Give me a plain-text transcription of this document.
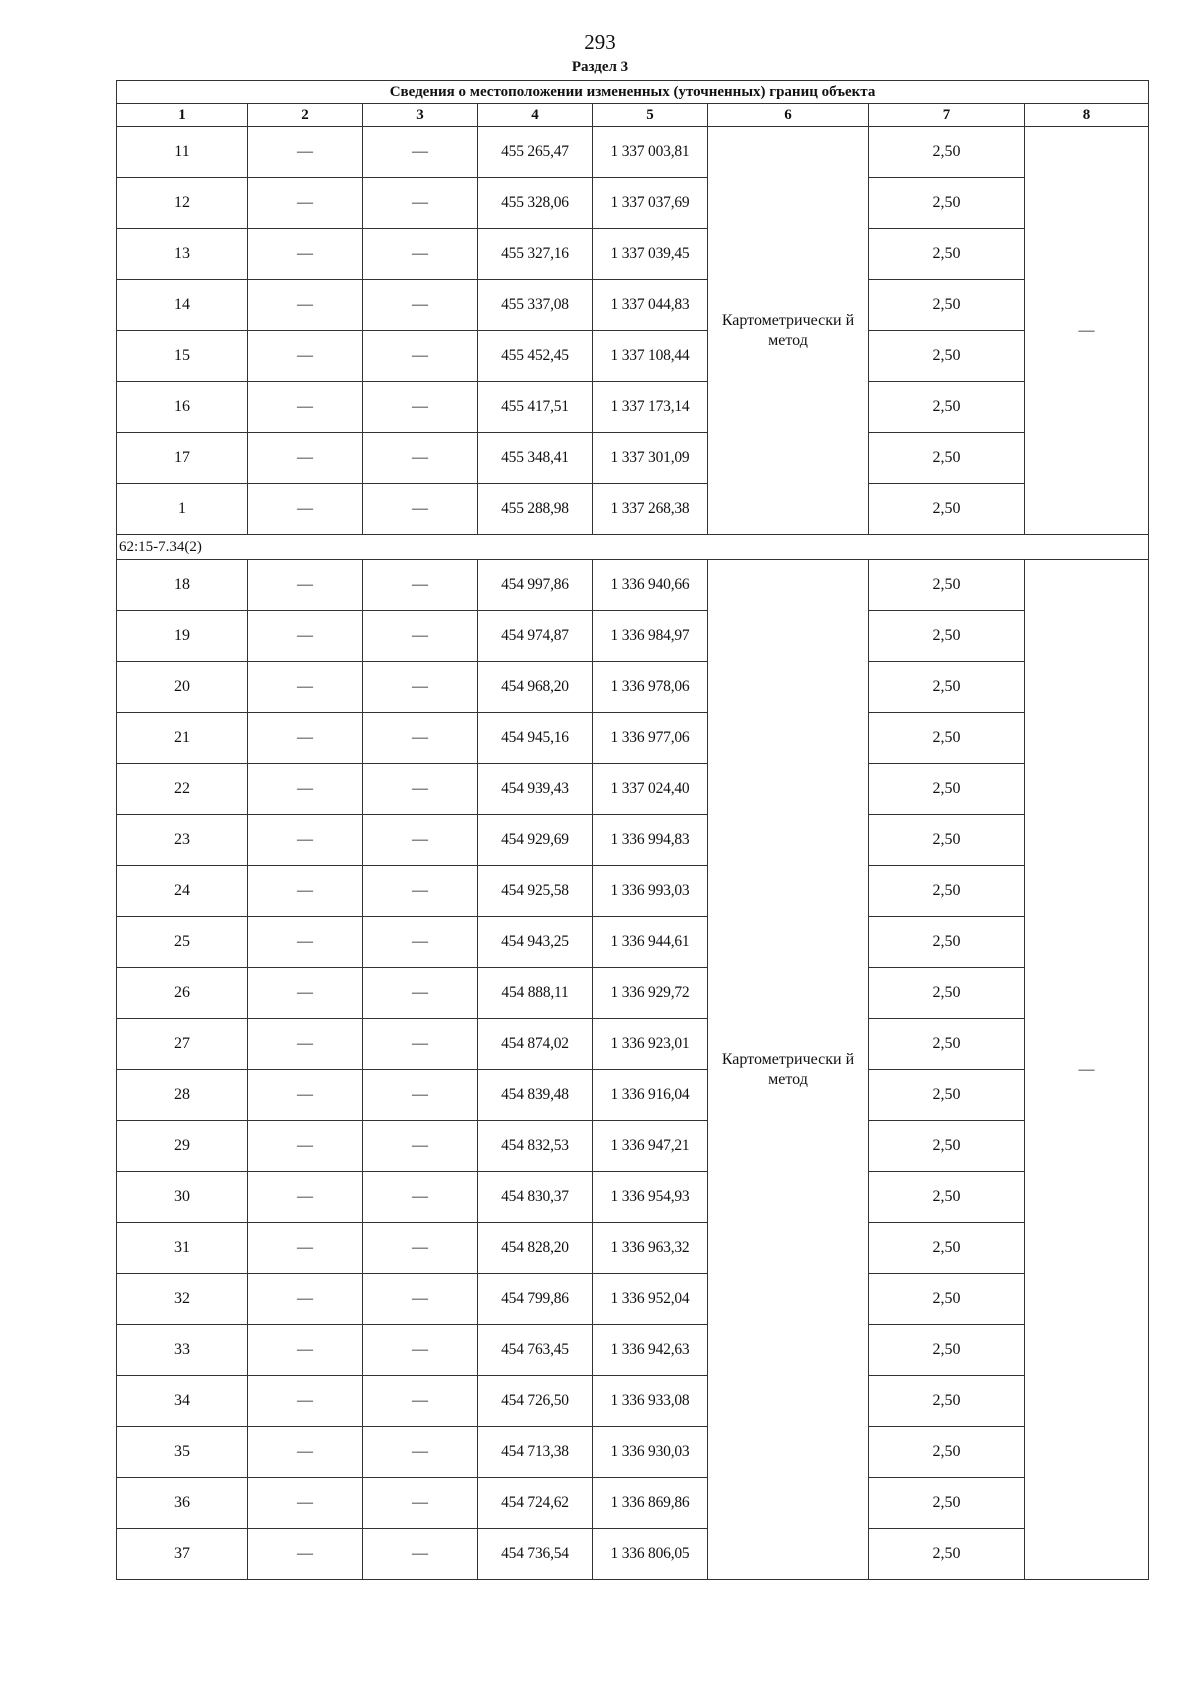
293
Раздел 3
Сведения о местоположении измененных (уточненных) границ объекта							
1	2	3	4	5	6	7	8
11	—	—	455 265,47	1 337 003,81	Картометрически й метод	2,50	—
12	—	—	455 328,06	1 337 037,69		2,50	
13	—	—	455 327,16	1 337 039,45		2,50	
14	—	—	455 337,08	1 337 044,83		2,50	
15	—	—	455 452,45	1 337 108,44		2,50	
16	—	—	455 417,51	1 337 173,14		2,50	
17	—	—	455 348,41	1 337 301,09		2,50	
1	—	—	455 288,98	1 337 268,38		2,50	
62:15-7.34(2)							
18	—	—	454 997,86	1 336 940,66	Картометрически й метод	2,50	—
19	—	—	454 974,87	1 336 984,97		2,50	
20	—	—	454 968,20	1 336 978,06		2,50	
21	—	—	454 945,16	1 336 977,06		2,50	
22	—	—	454 939,43	1 337 024,40		2,50	
23	—	—	454 929,69	1 336 994,83		2,50	
24	—	—	454 925,58	1 336 993,03		2,50	
25	—	—	454 943,25	1 336 944,61		2,50	
26	—	—	454 888,11	1 336 929,72		2,50	
27	—	—	454 874,02	1 336 923,01		2,50	
28	—	—	454 839,48	1 336 916,04		2,50	
29	—	—	454 832,53	1 336 947,21		2,50	
30	—	—	454 830,37	1 336 954,93		2,50	
31	—	—	454 828,20	1 336 963,32		2,50	
32	—	—	454 799,86	1 336 952,04		2,50	
33	—	—	454 763,45	1 336 942,63		2,50	
34	—	—	454 726,50	1 336 933,08		2,50	
35	—	—	454 713,38	1 336 930,03		2,50	
36	—	—	454 724,62	1 336 869,86		2,50	
37	—	—	454 736,54	1 336 806,05		2,50	
